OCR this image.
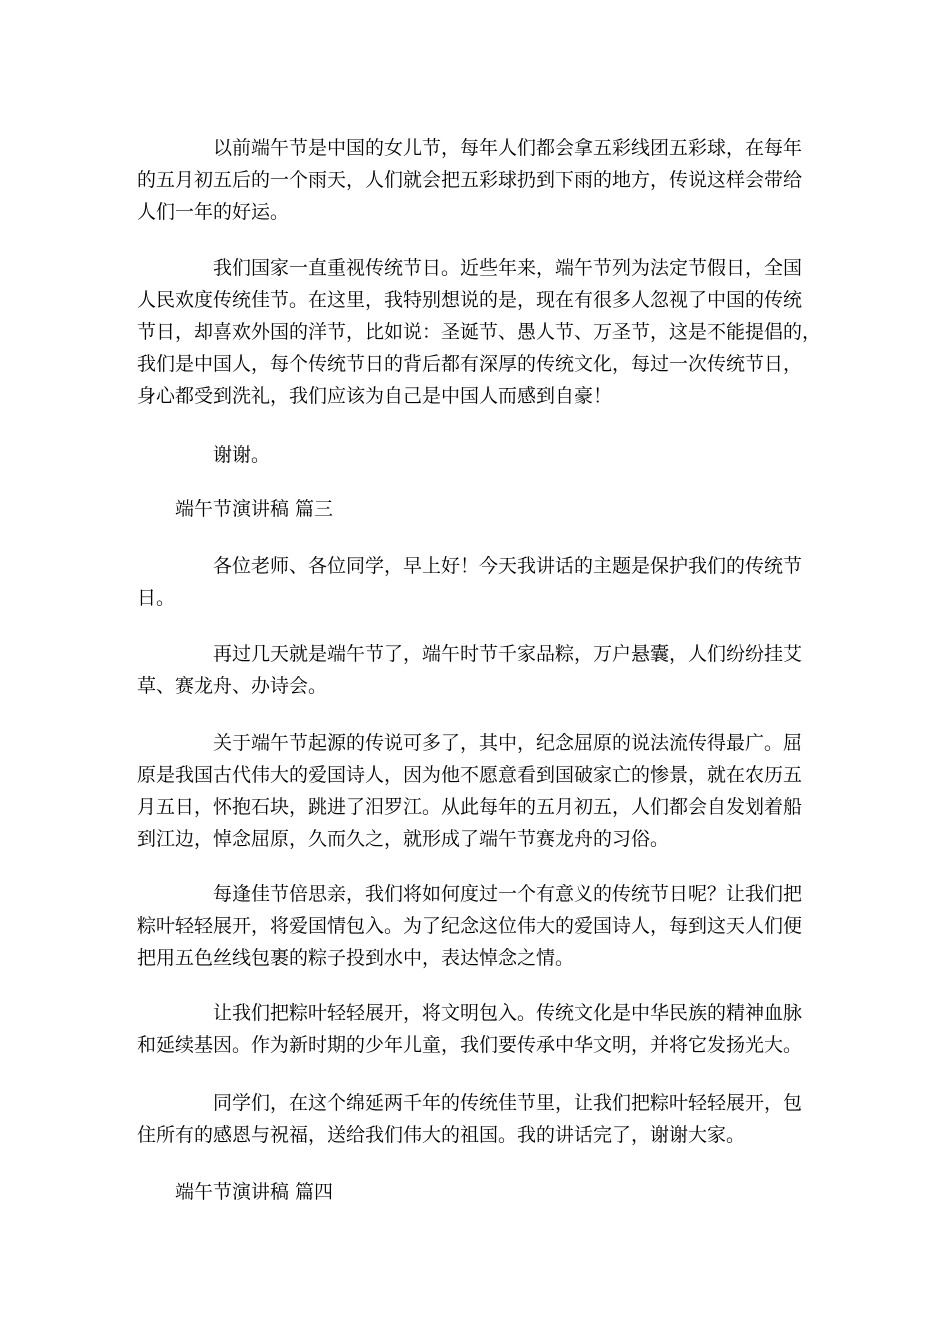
以前端午节是中国的女儿节，每年人们都会拿五彩线团五彩球，在每年
的五月初五后的一个雨天，人们就会把五彩球扔到下雨的地方，传说这样会带给
人们一年的好运。

我们国家一直重视传统节日。近些年来，端午节列为法定节假日，全国
人民欢度传统佳节。在这里，我特别想说的是，现在有很多人忽视了中国的传统
节日，却喜欢外国的洋节，比如说：圣诞节、愚人节、万圣节，这是不能提倡的，
我们是中国人，每个传统节日的背后都有深厚的传统文化，每过一次传统节日，
身心都受到洗礼，我们应该为自己是中国人而感到自豪！

谢谢。

端午节演讲稿 篇三

各位老师、各位同学，早上好！今天我讲话的主题是保护我们的传统节
日。

再过几天就是端午节了，端午时节千家品粽，万户悬囊，人们纷纷挂艾
草、赛龙舟、办诗会。

关于端午节起源的传说可多了，其中，纪念屈原的说法流传得最广。屈
原是我国古代伟大的爱国诗人，因为他不愿意看到国破家亡的惨景，就在农历五
月五日，怀抱石块，跳进了汨罗江。从此每年的五月初五，人们都会自发划着船
到江边，悼念屈原，久而久之，就形成了端午节赛龙舟的习俗。

每逢佳节倍思亲，我们将如何度过一个有意义的传统节日呢？让我们把
粽叶轻轻展开，将爱国情包入。为了纪念这位伟大的爱国诗人，每到这天人们便
把用五色丝线包裹的粽子投到水中，表达悼念之情。

让我们把粽叶轻轻展开，将文明包入。传统文化是中华民族的精神血脉
和延续基因。作为新时期的少年儿童，我们要传承中华文明，并将它发扬光大。

同学们，在这个绵延两千年的传统佳节里，让我们把粽叶轻轻展开，包
住所有的感恩与祝福，送给我们伟大的祖国。我的讲话完了，谢谢大家。

端午节演讲稿 篇四
